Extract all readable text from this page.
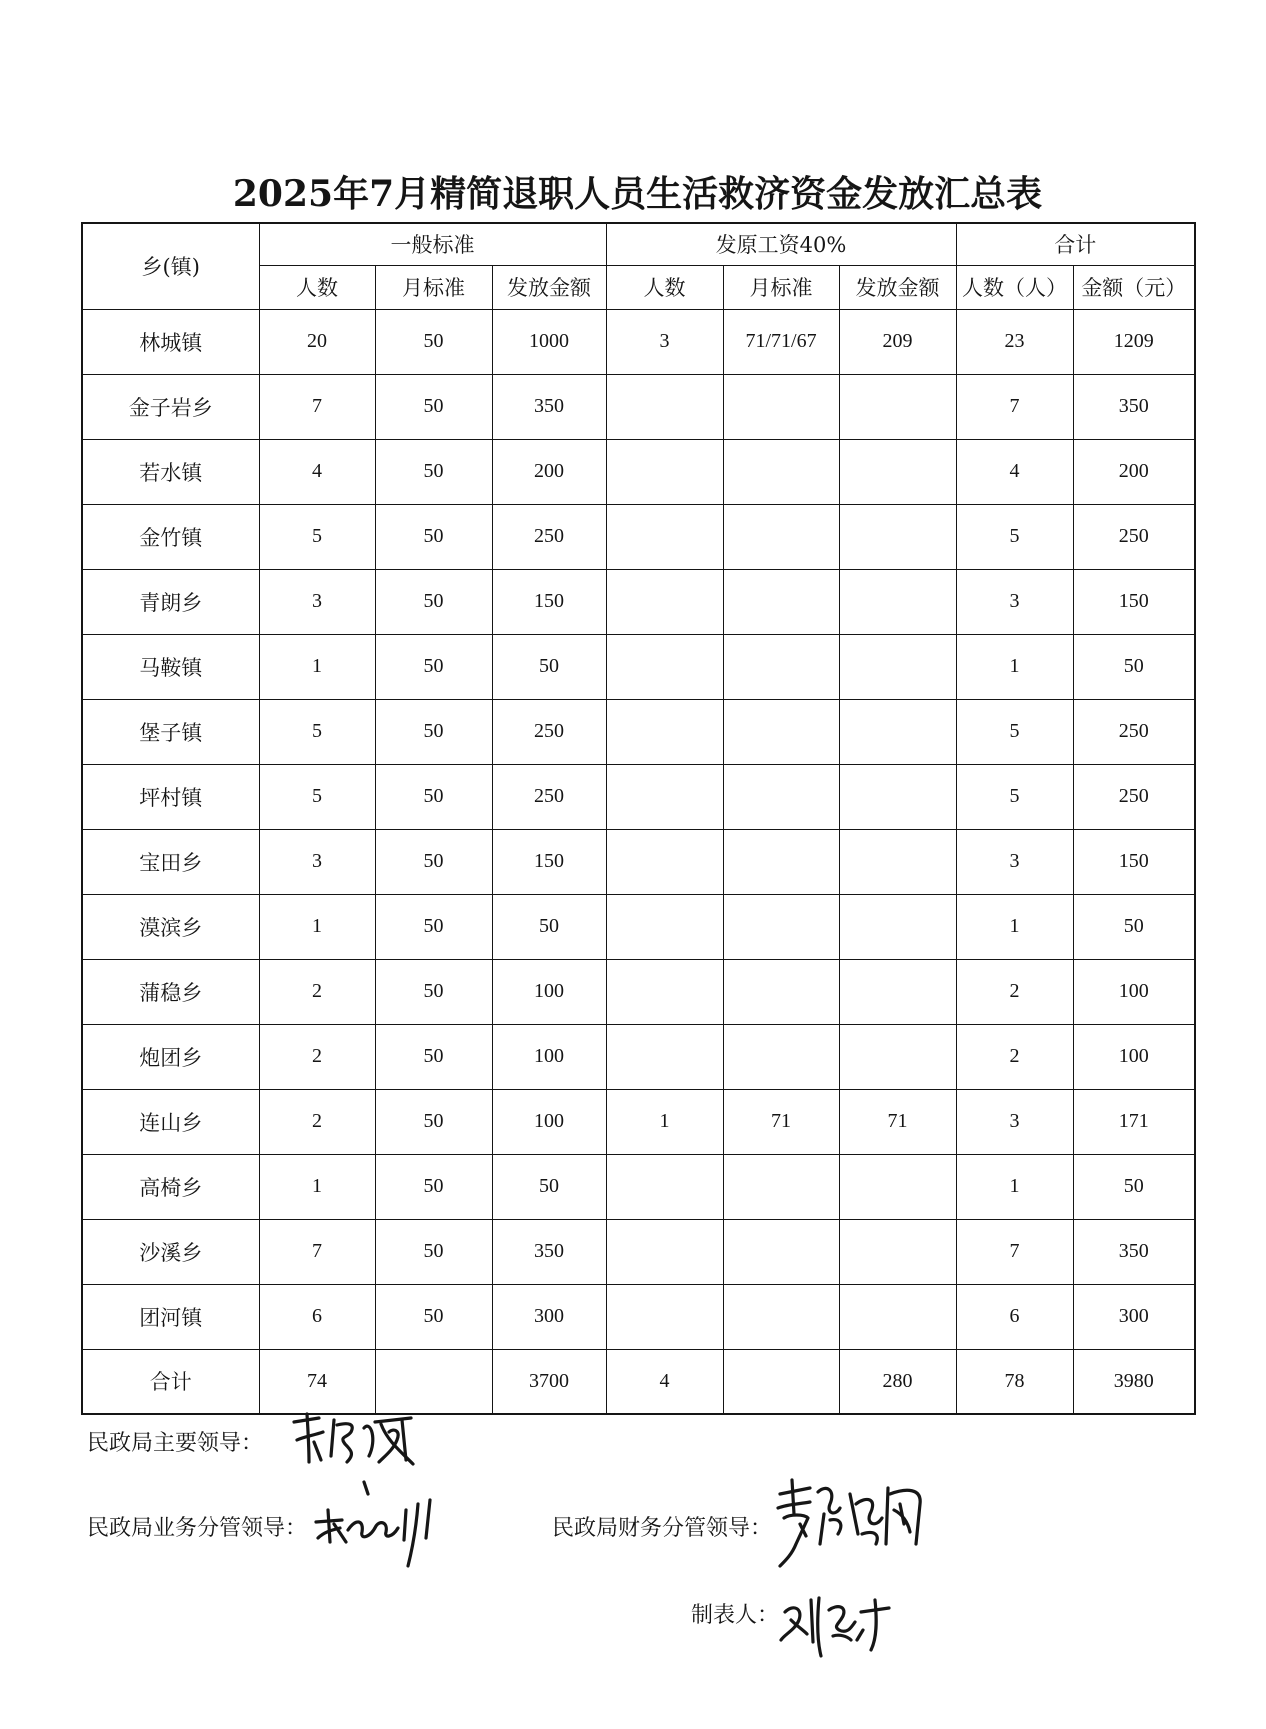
2025年7月精简退职人员生活救济资金发放汇总表
乡(镇)	一般标准			发原工资40%			合计	
	人数	月标准	发放金额	人数	月标准	发放金额	人数（人）	金额（元）
林城镇	20	50	1000	3	71/71/67	209	23	1209
金子岩乡	7	50	350				7	350
若水镇	4	50	200				4	200
金竹镇	5	50	250				5	250
青朗乡	3	50	150				3	150
马鞍镇	1	50	50				1	50
堡子镇	5	50	250				5	250
坪村镇	5	50	250				5	250
宝田乡	3	50	150				3	150
漠滨乡	1	50	50				1	50
蒲稳乡	2	50	100				2	100
炮团乡	2	50	100				2	100
连山乡	2	50	100	1	71	71	3	171
高椅乡	1	50	50				1	50
沙溪乡	7	50	350				7	350
团河镇	6	50	300				6	300
合计	74		3700	4		280	78	3980
民政局主要领导：
民政局业务分管领导：	民政局财务分管领导：
制表人：
